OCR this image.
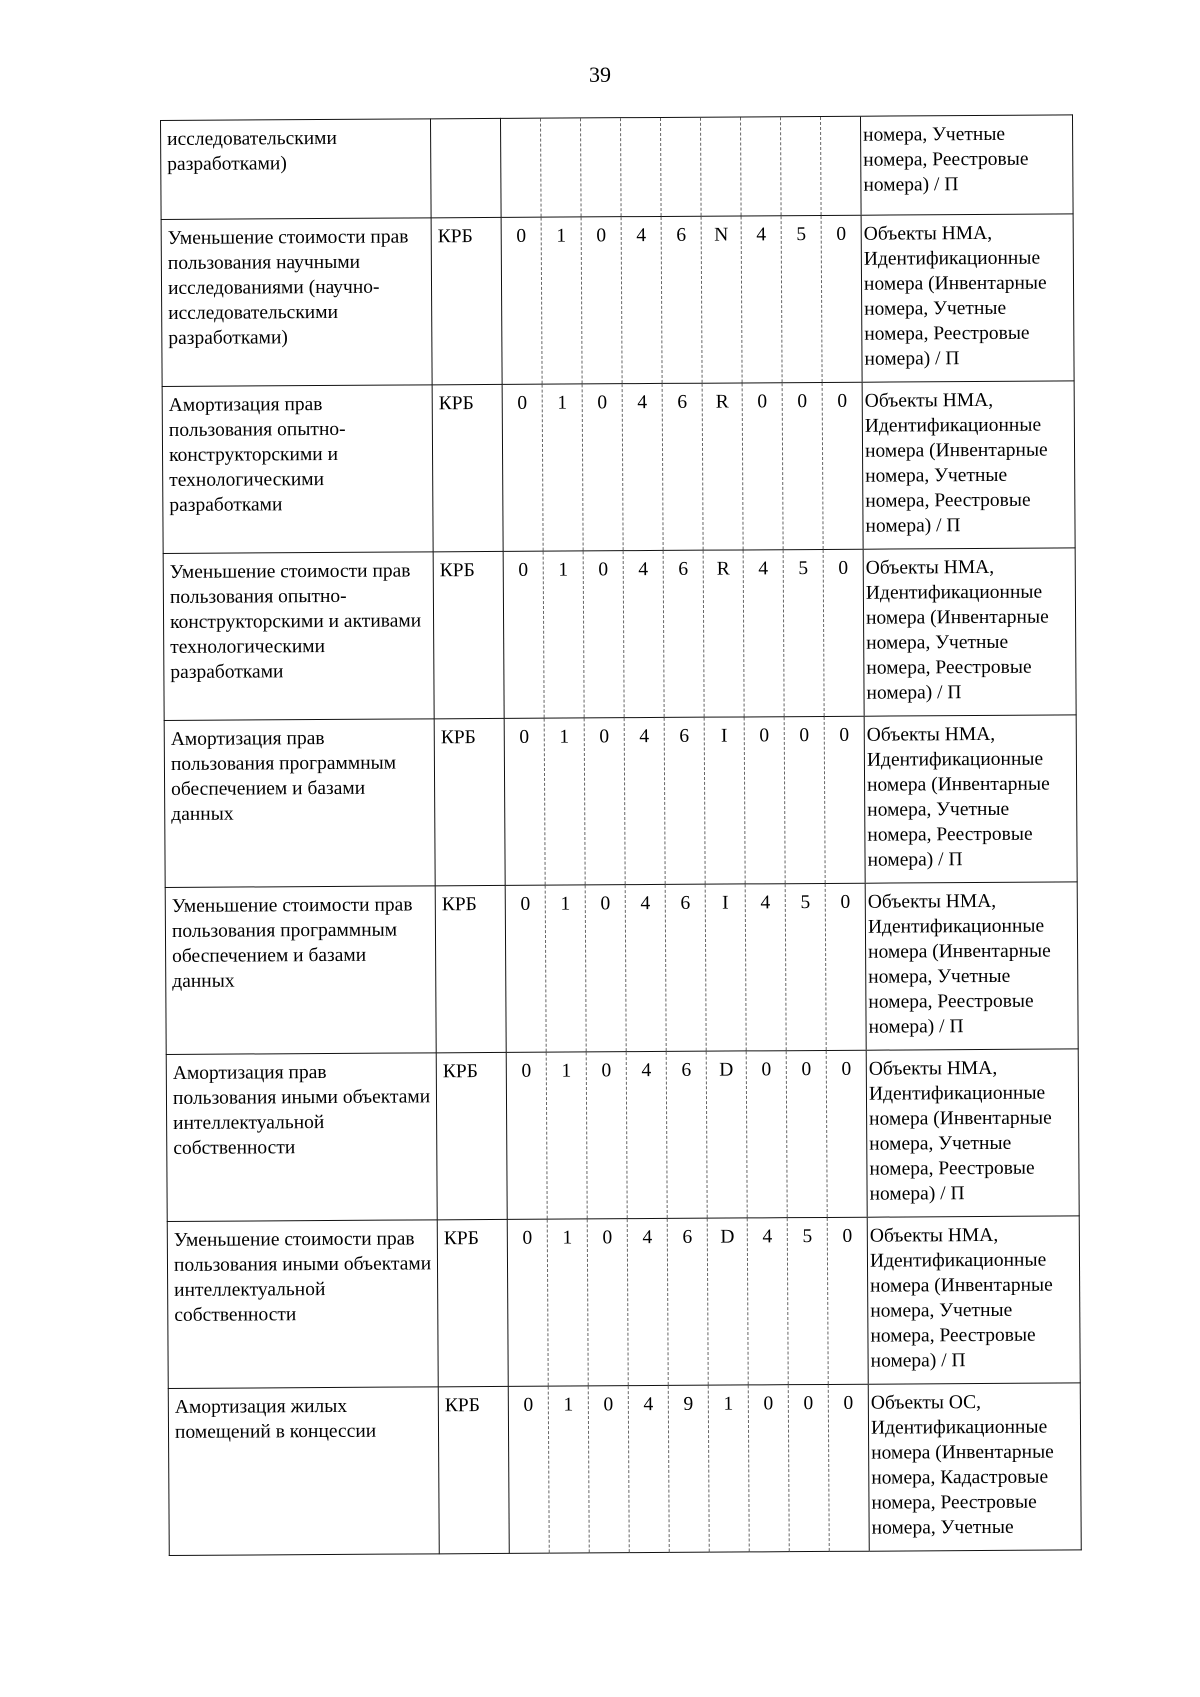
39
исследовательскими разработками)											номера, Учетные номера, Реестровые номера) / П
Уменьшение стоимости прав пользования научными исследованиями (научно-исследовательскими разработками)	КРБ	0	1	0	4	6	N	4	5	0	Объекты НМА, Идентификационные номера (Инвентарные номера, Учетные номера, Реестровые номера) / П
Амортизация прав пользования опытно-конструкторскими и технологическими разработками	КРБ	0	1	0	4	6	R	0	0	0	Объекты НМА, Идентификационные номера (Инвентарные номера, Учетные номера, Реестровые номера) / П
Уменьшение стоимости прав пользования опытно-конструкторскими и активами технологическими разработками	КРБ	0	1	0	4	6	R	4	5	0	Объекты НМА, Идентификационные номера (Инвентарные номера, Учетные номера, Реестровые номера) / П
Амортизация прав пользования программным обеспечением и базами данных	КРБ	0	1	0	4	6	I	0	0	0	Объекты НМА, Идентификационные номера (Инвентарные номера, Учетные номера, Реестровые номера) / П
Уменьшение стоимости прав пользования программным обеспечением и базами данных	КРБ	0	1	0	4	6	I	4	5	0	Объекты НМА, Идентификационные номера (Инвентарные номера, Учетные номера, Реестровые номера) / П
Амортизация прав пользования иными объектами интеллектуальной собственности	КРБ	0	1	0	4	6	D	0	0	0	Объекты НМА, Идентификационные номера (Инвентарные номера, Учетные номера, Реестровые номера) / П
Уменьшение стоимости прав пользования иными объектами интеллектуальной собственности	КРБ	0	1	0	4	6	D	4	5	0	Объекты НМА, Идентификационные номера (Инвентарные номера, Учетные номера, Реестровые номера) / П
Амортизация жилых помещений в концессии	КРБ	0	1	0	4	9	1	0	0	0	Объекты ОС, Идентификационные номера (Инвентарные номера, Кадастровые номера, Реестровые номера, Учетные
